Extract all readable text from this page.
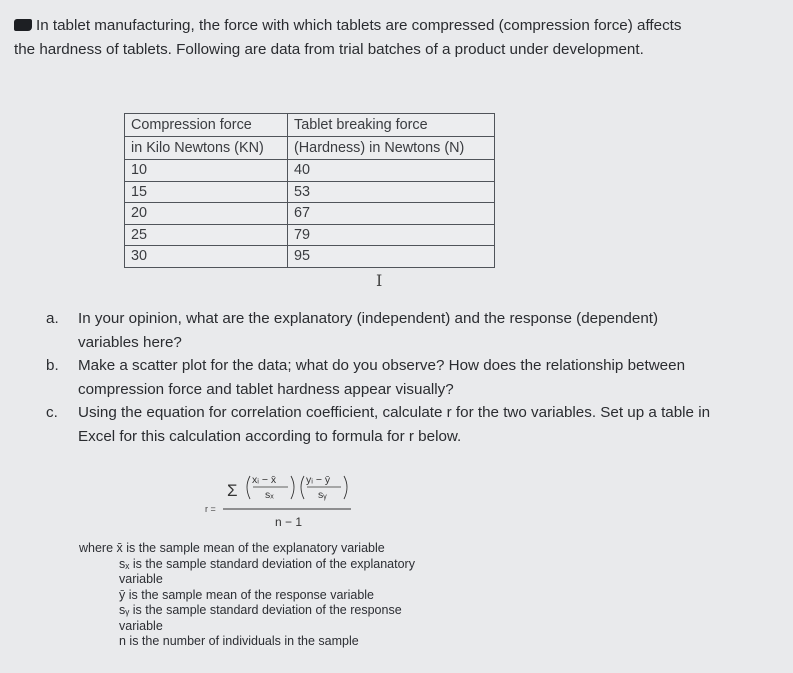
In tablet manufacturing, the force with which tablets are compressed (compression force) affects
the hardness of tablets. Following are data from trial batches of a product under development.
Compression force	Tablet breaking force
in Kilo Newtons (KN)	(Hardness) in Newtons (N)
10	40
15	53
20	67
25	79
30	95
I
a. In your opinion, what are the explanatory (independent) and the response (dependent)
variables here?
b. Make a scatter plot for the data; what do you observe? How does the relationship between
compression force and tablet hardness appear visually?
c. Using the equation for correlation coefficient, calculate r for the two variables. Set up a table in
Excel for this calculation according to formula for r below.
r =
Σ
xᵢ − x̄
sₓ
yᵢ − ȳ
sᵧ
n − 1
where x̄ is the sample mean of the explanatory variable
sₓ is the sample standard deviation of the explanatory
variable
ȳ is the sample mean of the response variable
sᵧ is the sample standard deviation of the response
variable
n is the number of individuals in the sample
